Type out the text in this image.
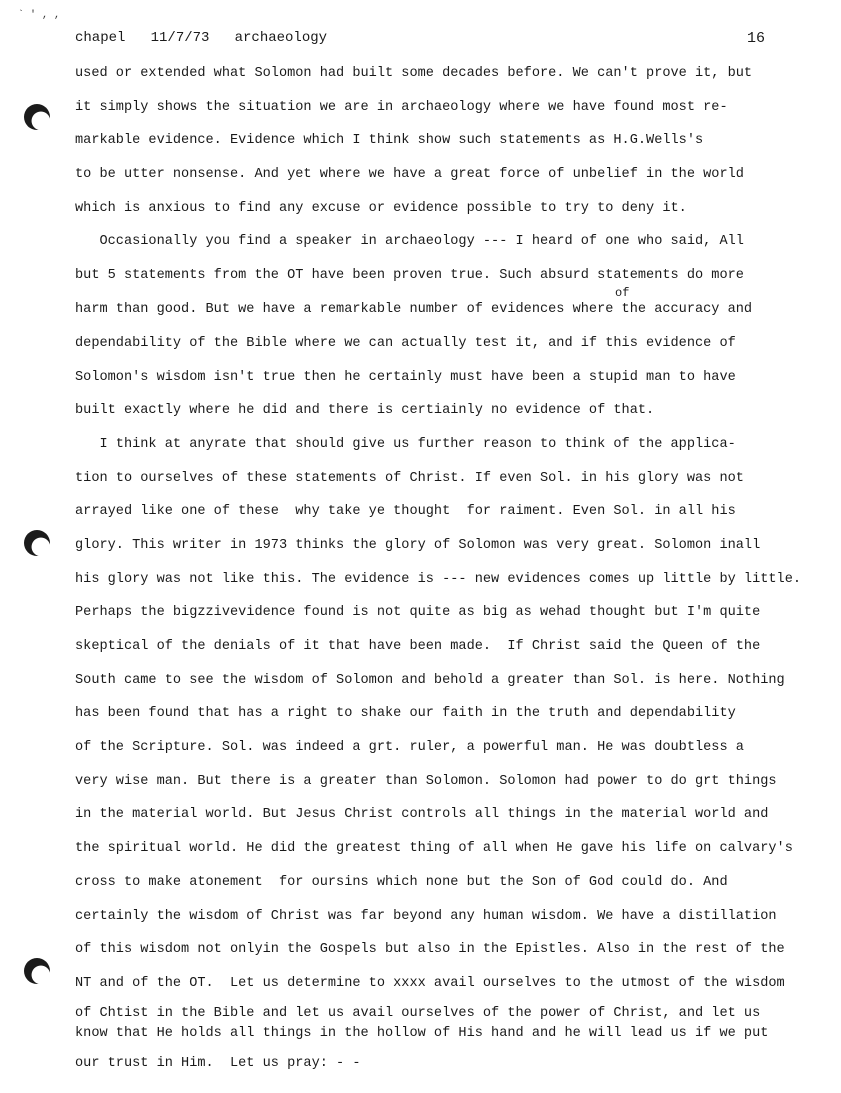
` ' , ,

chapel   11/7/73   archaeology

	16

used or extended what Solomon had built some decades before. We can't prove it, but
it simply shows the situation we are in archaeology where we have found most re-
markable evidence. Evidence which I think show such statements as H.G.Wells's
to be utter nonsense. And yet where we have a great force of unbelief in the world
which is anxious to find any excuse or evidence possible to try to deny it.
Occasionally you find a speaker in archaeology --- I heard of one who said, All
but 5 statements from the OT have been proven true. Such absurd statements do more
of
harm than good. But we have a remarkable number of evidences where the accuracy and
dependability of the Bible where we can actually test it, and if this evidence of
Solomon's wisdom isn't true then he certainly must have been a stupid man to have
built exactly where he did and there is certiainly no evidence of that.
I think at anyrate that should give us further reason to think of the applica-
tion to ourselves of these statements of Christ. If even Sol. in his glory was not
arrayed like one of these  why take ye thought  for raiment. Even Sol. in all his
glory. This writer in 1973 thinks the glory of Solomon was very great. Solomon inall
his glory was not like this. The evidence is --- new evidences comes up little by little.
Perhaps the bigzzivevidence found is not quite as big as wehad thought but I'm quite
skeptical of the denials of it that have been made.  If Christ said the Queen of the
South came to see the wisdom of Solomon and behold a greater than Sol. is here. Nothing
has been found that has a right to shake our faith in the truth and dependability
of the Scripture. Sol. was indeed a grt. ruler, a powerful man. He was doubtless a
very wise man. But there is a greater than Solomon. Solomon had power to do grt things
in the material world. But Jesus Christ controls all things in the material world and
the spiritual world. He did the greatest thing of all when He gave his life on calvary's
cross to make atonement  for oursins which none but the Son of God could do. And
certainly the wisdom of Christ was far beyond any human wisdom. We have a distillation
of this wisdom not onlyin the Gospels but also in the Epistles. Also in the rest of the
NT and of the OT.  Let us determine to xxxx avail ourselves to the utmost of the wisdom
of Chtist in the Bible and let us avail ourselves of the power of Christ, and let us
know that He holds all things in the hollow of His hand and he will lead us if we put
our trust in Him.  Let us pray: - -
